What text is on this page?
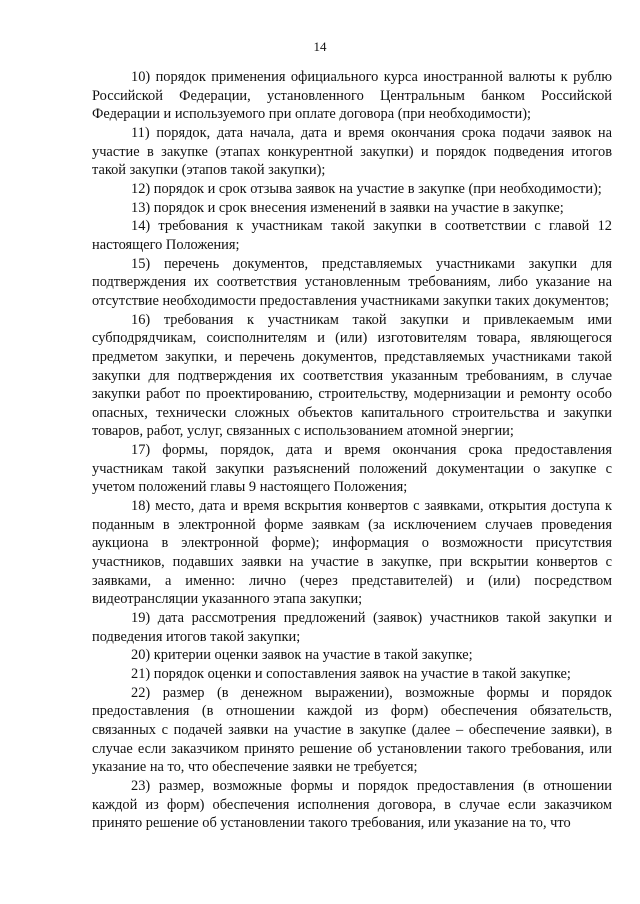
14

10) порядок применения официального курса иностранной валюты к рублю Российской Федерации, установленного Центральным банком Российской Федерации и используемого при оплате договора (при необходимости);

11) порядок, дата начала, дата и время окончания срока подачи заявок на участие в закупке (этапах конкурентной закупки) и порядок подведения итогов такой закупки (этапов такой закупки);

12) порядок и срок отзыва заявок на участие в закупке (при необходимости);

13) порядок и срок внесения изменений в заявки на участие в закупке;

14) требования к участникам такой закупки в соответствии с главой 12 настоящего Положения;

15) перечень документов, представляемых участниками закупки для подтверждения их соответствия установленным требованиям, либо указание на отсутствие необходимости предоставления участниками закупки таких документов;

16) требования к участникам такой закупки и привлекаемым ими субподрядчикам, соисполнителям и (или) изготовителям товара, являющегося предметом закупки, и перечень документов, представляемых участниками такой закупки для подтверждения их соответствия указанным требованиям, в случае закупки работ по проектированию, строительству, модернизации и ремонту особо опасных, технически сложных объектов капитального строительства и закупки товаров, работ, услуг, связанных с использованием атомной энергии;

17) формы, порядок, дата и время окончания срока предоставления участникам такой закупки разъяснений положений документации о закупке с учетом положений главы 9 настоящего Положения;

18) место, дата и время вскрытия конвертов с заявками, открытия доступа к поданным в электронной форме заявкам (за исключением случаев проведения аукциона в электронной форме); информация о возможности присутствия участников, подавших заявки на участие в закупке, при вскрытии конвертов с заявками, а именно: лично (через представителей) и (или) посредством видеотрансляции указанного этапа закупки;

19) дата рассмотрения предложений (заявок) участников такой закупки и подведения итогов такой закупки;

20) критерии оценки заявок на участие в такой закупке;

21) порядок оценки и сопоставления заявок на участие в такой закупке;

22) размер (в денежном выражении), возможные формы и порядок предоставления (в отношении каждой из форм) обеспечения обязательств, связанных с подачей заявки на участие в закупке (далее – обеспечение заявки), в случае если заказчиком принято решение об установлении такого требования, или указание на то, что обеспечение заявки не требуется;

23) размер, возможные формы и порядок предоставления (в отношении каждой из форм) обеспечения исполнения договора, в случае если заказчиком принято решение об установлении такого требования, или указание на то, что
